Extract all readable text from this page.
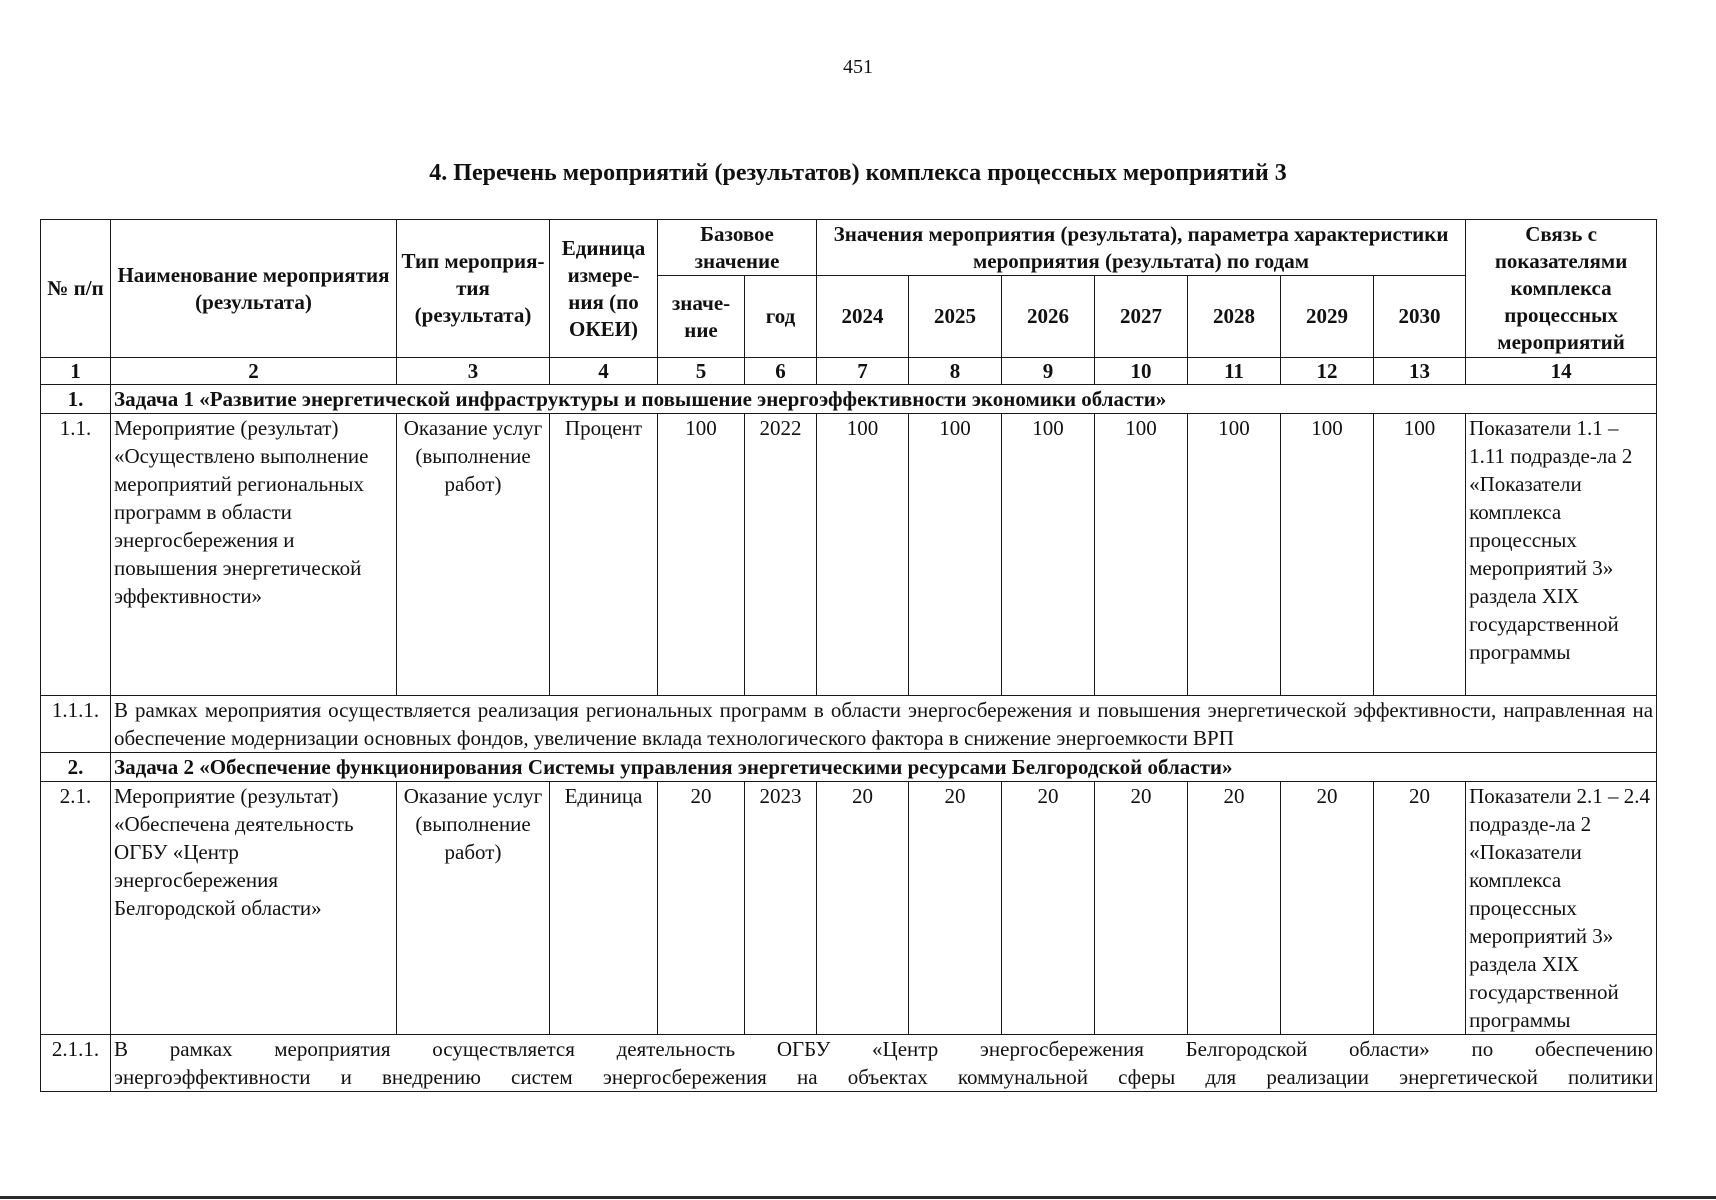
451
4. Перечень мероприятий (результатов) комплекса процессных мероприятий 3
№ п/п	Наименование мероприятия (результата)	Тип мероприя-тия (результата)	Единица измере-ния (по ОКЕИ)	Базовое значение		Значения мероприятия (результата), параметра характеристики мероприятия (результата) по годам							Связь с показателями комплекса процессных мероприятий
				значе-ние	год	2024	2025	2026	2027	2028	2029	2030	
1	2	3	4	5	6	7	8	9	10	11	12	13	14
1.	Задача 1 «Развитие энергетической инфраструктуры и повышение энергоэффективности экономики области»												
1.1.	Мероприятие (результат) «Осуществлено выполнение мероприятий региональных программ в области энергосбережения и повышения энергетической эффективности»	Оказание услуг (выполнение работ)	Процент	100	2022	100	100	100	100	100	100	100	Показатели 1.1 – 1.11 подразде-ла 2 «Показатели комплекса процессных мероприятий 3» раздела XIX государственной программы
1.1.1.	В рамках мероприятия осуществляется реализация региональных программ в области энергосбережения и повышения энергетической эффективности, направленная на обеспечение модернизации основных фондов, увеличение вклада технологического фактора в снижение энергоемкости ВРП												
2.	Задача 2 «Обеспечение функционирования Системы управления энергетическими ресурсами Белгородской области»												
2.1.	Мероприятие (результат) «Обеспечена деятельность ОГБУ «Центр энергосбережения Белгородской области»	Оказание услуг (выполнение работ)	Единица	20	2023	20	20	20	20	20	20	20	Показатели 2.1 – 2.4 подразде-ла 2 «Показатели комплекса процессных мероприятий 3» раздела XIX государственной программы
2.1.1.	В рамках мероприятия осуществляется деятельность ОГБУ «Центр энергосбережения Белгородской области» по обеспечению
энергоэффективности и внедрению систем энергосбережения на объектах коммунальной сферы для реализации энергетической политики												
